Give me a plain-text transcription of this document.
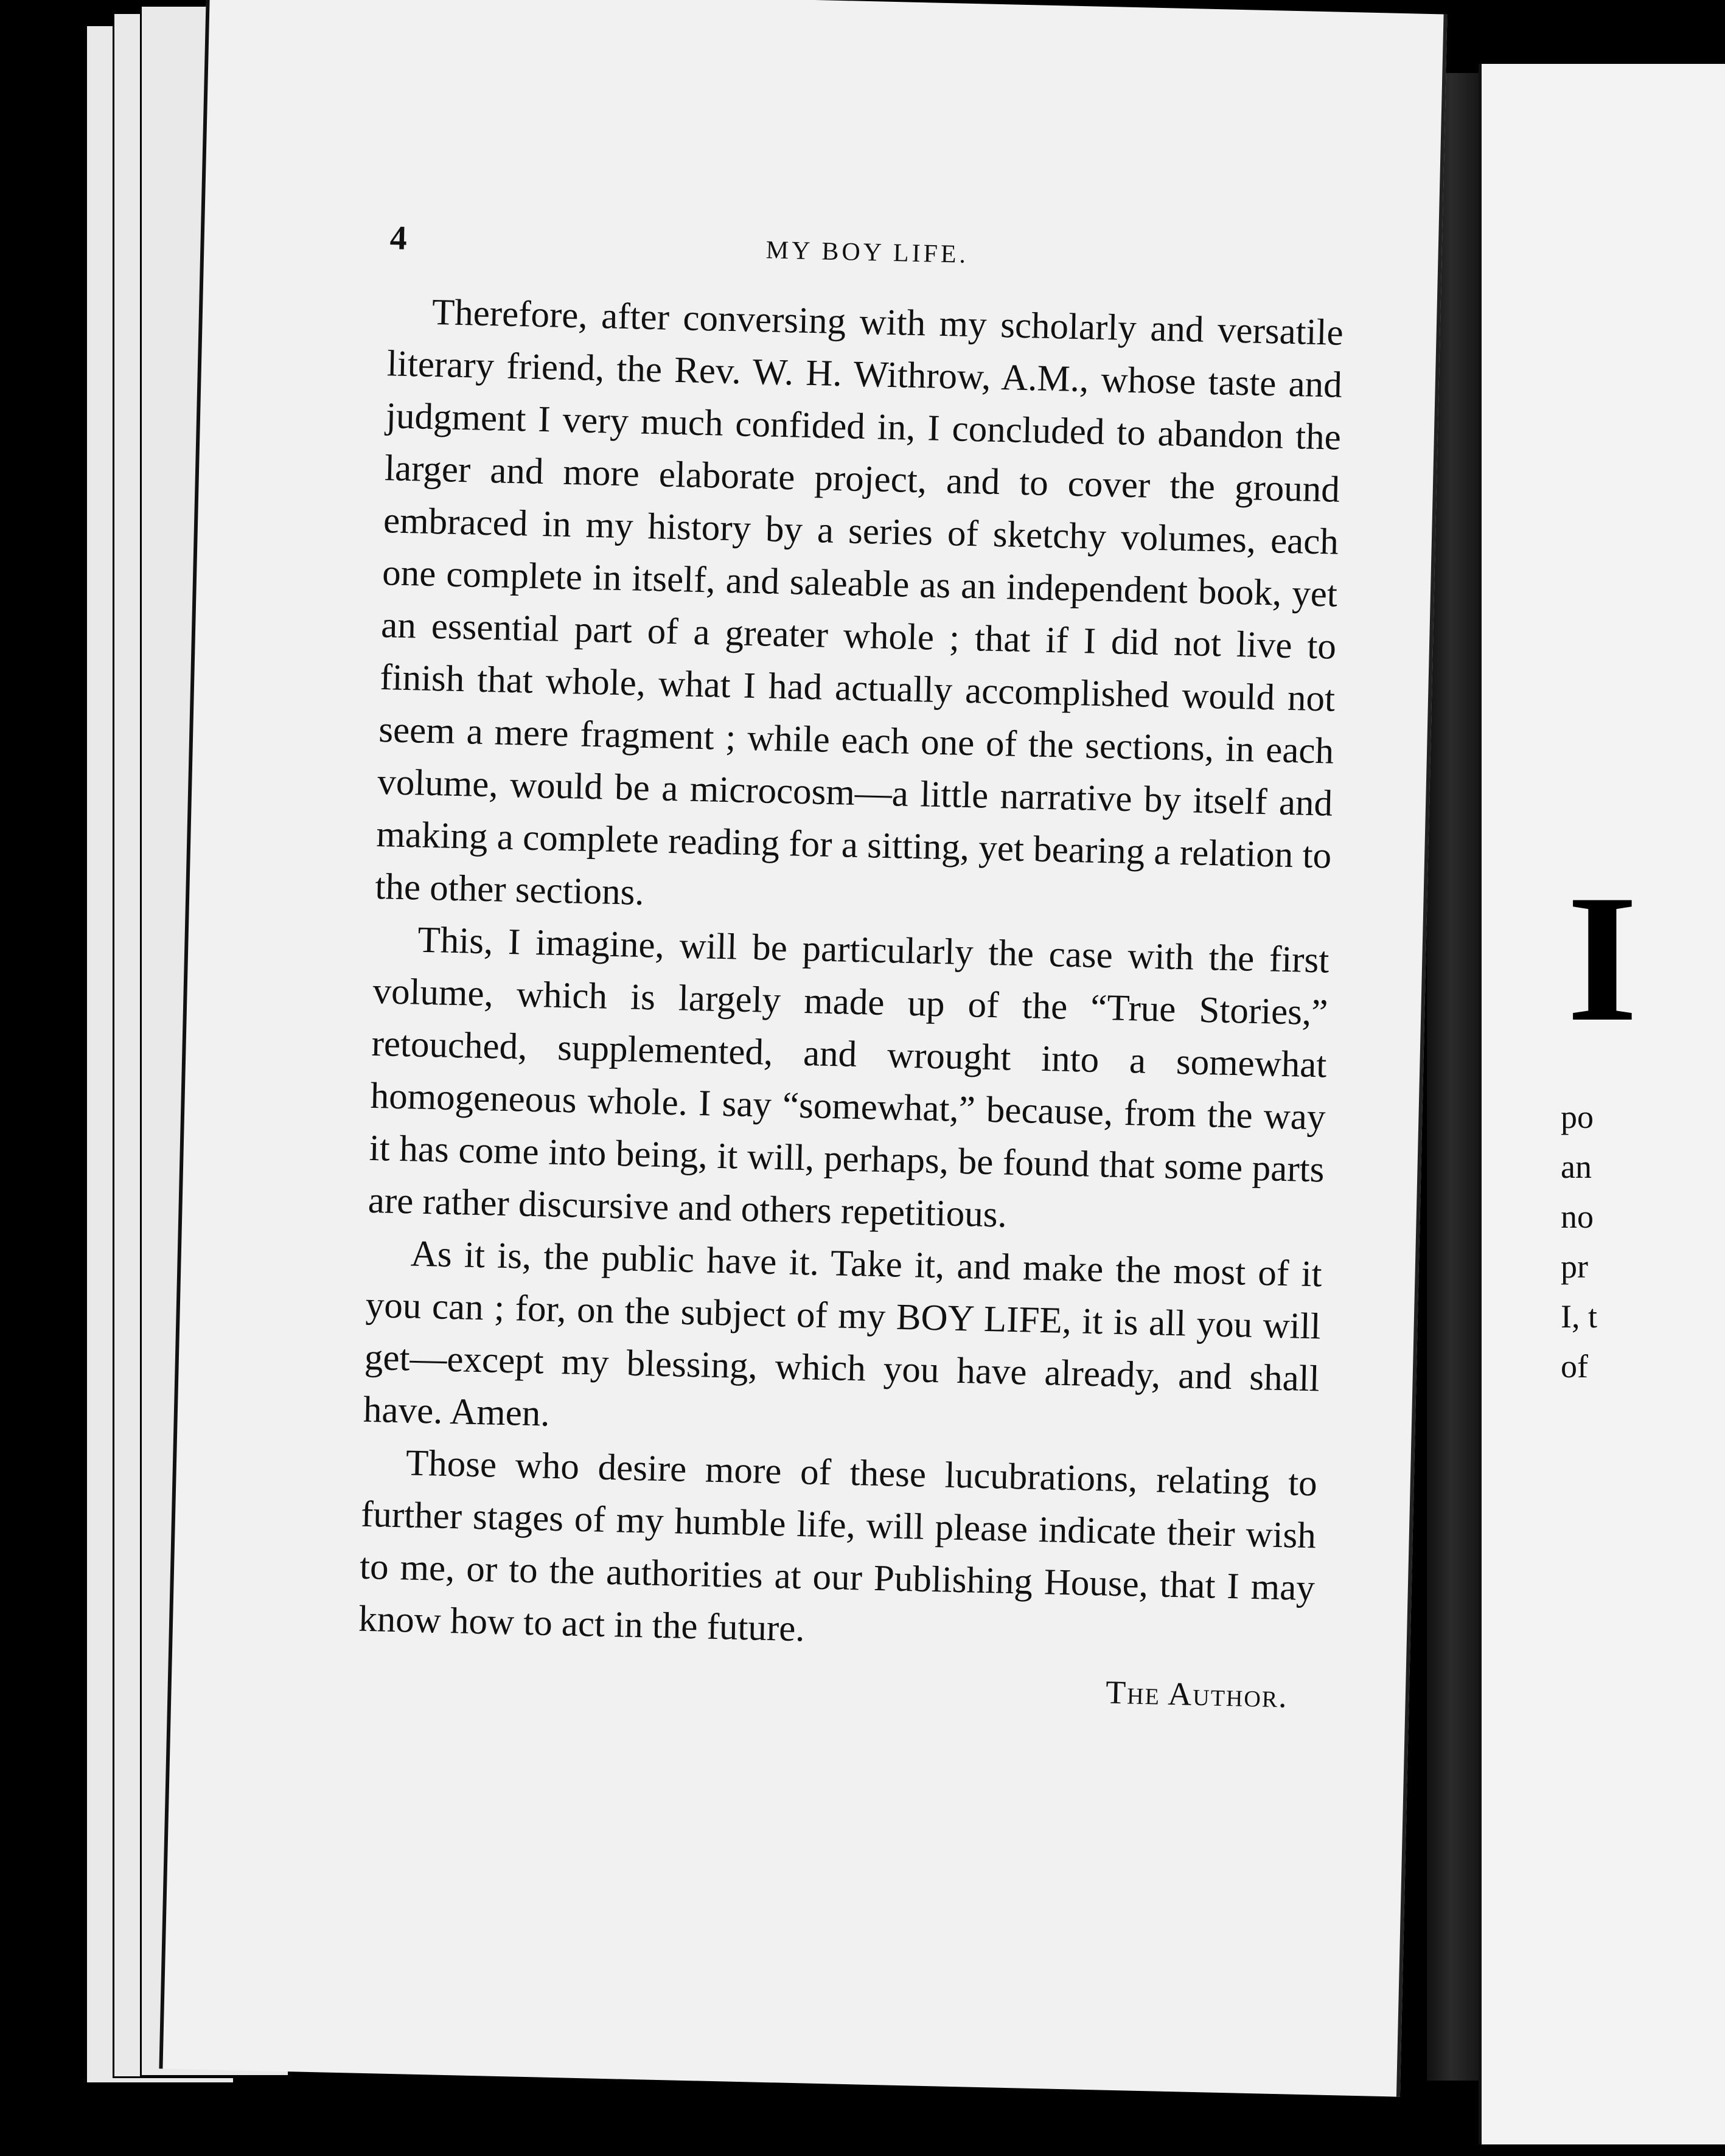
I
po
an
no
pr
I, t
of
4	MY BOY LIFE.

Therefore, after conversing with my scholarly and versatile literary friend, the Rev. W. H. Withrow, A.M., whose taste and judgment I very much confided in, I concluded to abandon the larger and more elaborate project, and to cover the ground embraced in my history by a series of sketchy volumes, each one complete in itself, and saleable as an independent book, yet an essential part of a greater whole ; that if I did not live to finish that whole, what I had actually accomplished would not seem a mere fragment ; while each one of the sections, in each volume, would be a microcosm—a little narrative by itself and making a complete reading for a sitting, yet bearing a relation to the other sections.

This, I imagine, will be particularly the case with the first volume, which is largely made up of the “True Stories,” retouched, supplemented, and wrought into a somewhat homogeneous whole. I say “somewhat,” because, from the way it has come into being, it will, perhaps, be found that some parts are rather discursive and others repetitious.

As it is, the public have it. Take it, and make the most of it you can ; for, on the subject of my BOY LIFE, it is all you will get—except my blessing, which you have already, and shall have. Amen.

Those who desire more of these lucubrations, relating to further stages of my humble life, will please indicate their wish to me, or to the authorities at our Publishing House, that I may know how to act in the future.

The Author.
